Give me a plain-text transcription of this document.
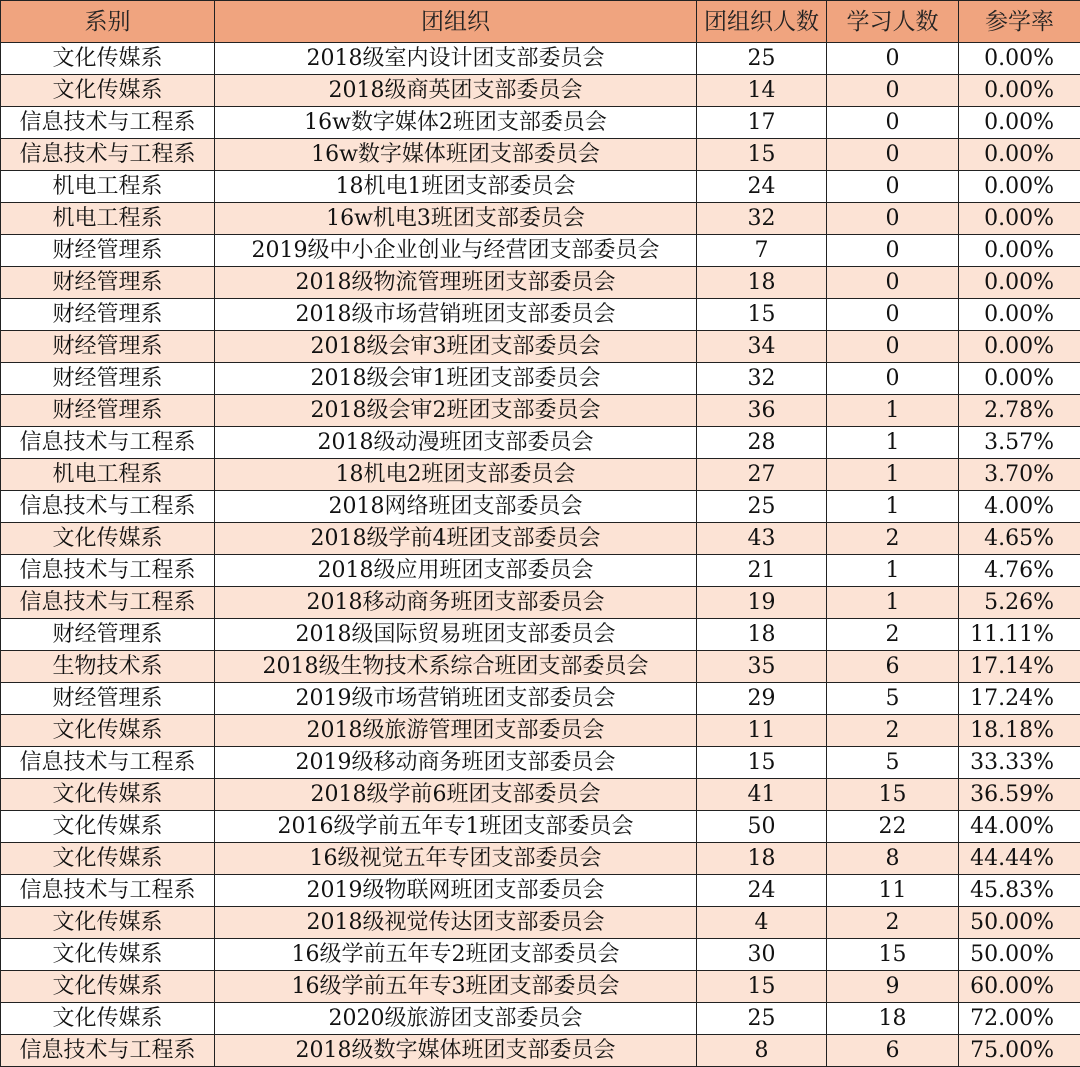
系别	团组织	团组织人数	学习人数	参学率
文化传媒系	2018级室内设计团支部委员会	25	0	0.00%
文化传媒系	2018级商英团支部委员会	14	0	0.00%
信息技术与工程系	16w数字媒体2班团支部委员会	17	0	0.00%
信息技术与工程系	16w数字媒体班团支部委员会	15	0	0.00%
机电工程系	18机电1班团支部委员会	24	0	0.00%
机电工程系	16w机电3班团支部委员会	32	0	0.00%
财经管理系	2019级中小企业创业与经营团支部委员会	7	0	0.00%
财经管理系	2018级物流管理班团支部委员会	18	0	0.00%
财经管理系	2018级市场营销班团支部委员会	15	0	0.00%
财经管理系	2018级会审3班团支部委员会	34	0	0.00%
财经管理系	2018级会审1班团支部委员会	32	0	0.00%
财经管理系	2018级会审2班团支部委员会	36	1	2.78%
信息技术与工程系	2018级动漫班团支部委员会	28	1	3.57%
机电工程系	18机电2班团支部委员会	27	1	3.70%
信息技术与工程系	2018网络班团支部委员会	25	1	4.00%
文化传媒系	2018级学前4班团支部委员会	43	2	4.65%
信息技术与工程系	2018级应用班团支部委员会	21	1	4.76%
信息技术与工程系	2018移动商务班团支部委员会	19	1	5.26%
财经管理系	2018级国际贸易班团支部委员会	18	2	11.11%
生物技术系	2018级生物技术系综合班团支部委员会	35	6	17.14%
财经管理系	2019级市场营销班团支部委员会	29	5	17.24%
文化传媒系	2018级旅游管理团支部委员会	11	2	18.18%
信息技术与工程系	2019级移动商务班团支部委员会	15	5	33.33%
文化传媒系	2018级学前6班团支部委员会	41	15	36.59%
文化传媒系	2016级学前五年专1班团支部委员会	50	22	44.00%
文化传媒系	16级视觉五年专团支部委员会	18	8	44.44%
信息技术与工程系	2019级物联网班团支部委员会	24	11	45.83%
文化传媒系	2018级视觉传达团支部委员会	4	2	50.00%
文化传媒系	16级学前五年专2班团支部委员会	30	15	50.00%
文化传媒系	16级学前五年专3班团支部委员会	15	9	60.00%
文化传媒系	2020级旅游团支部委员会	25	18	72.00%
信息技术与工程系	2018级数字媒体班团支部委员会	8	6	75.00%
